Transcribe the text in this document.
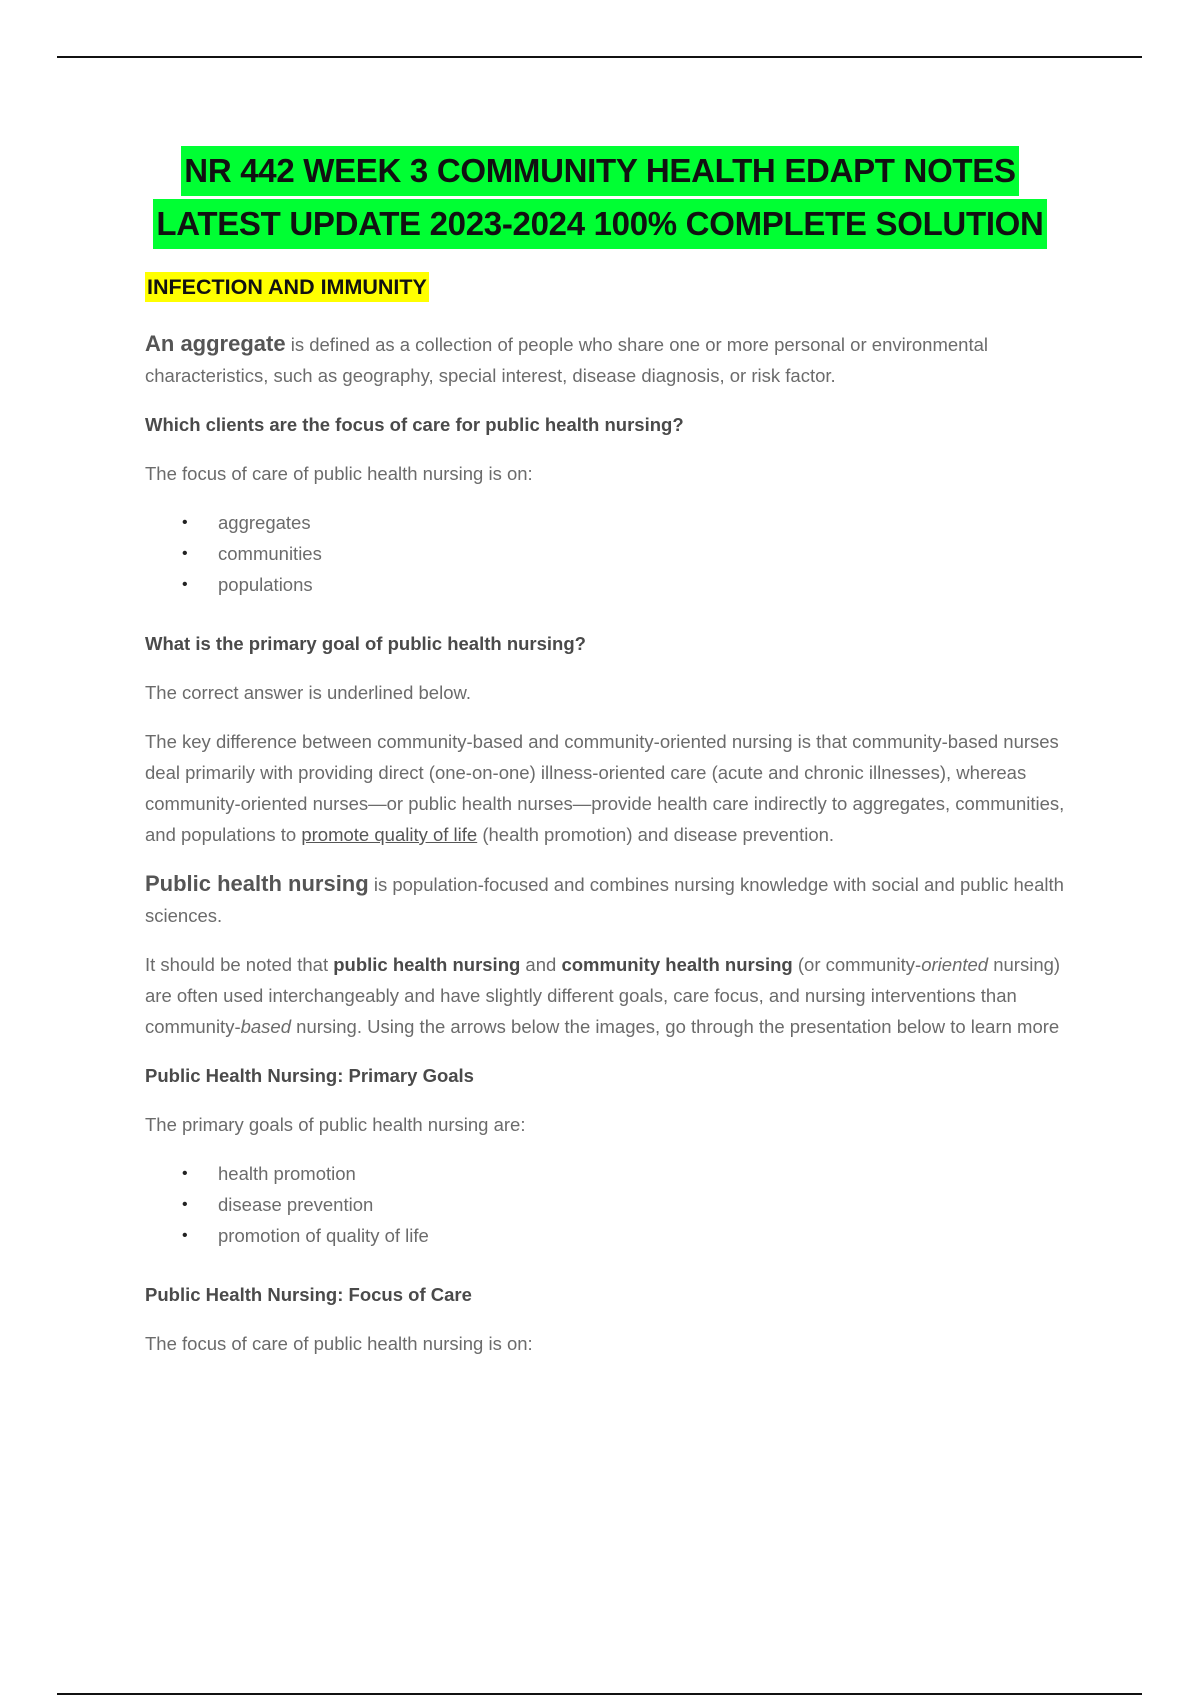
NR 442 WEEK 3 COMMUNITY HEALTH EDAPT NOTES
LATEST UPDATE 2023-2024 100% COMPLETE SOLUTION
INFECTION AND IMMUNITY

An aggregate is defined as a collection of people who share one or more personal or environmental characteristics, such as geography, special interest, disease diagnosis, or risk factor.

Which clients are the focus of care for public health nursing?

The focus of care of public health nursing is on:

• aggregates
• communities
• populations

What is the primary goal of public health nursing?

The correct answer is underlined below.

The key difference between community-based and community-oriented nursing is that community-based nurses deal primarily with providing direct (one-on-one) illness-oriented care (acute and chronic illnesses), whereas community-oriented nurses—or public health nurses—provide health care indirectly to aggregates, communities, and populations to promote quality of life (health promotion) and disease prevention.

Public health nursing is population-focused and combines nursing knowledge with social and public health sciences.

It should be noted that public health nursing and community health nursing (or community-oriented nursing) are often used interchangeably and have slightly different goals, care focus, and nursing interventions than community-based nursing. Using the arrows below the images, go through the presentation below to learn more

Public Health Nursing: Primary Goals

The primary goals of public health nursing are:

• health promotion
• disease prevention
• promotion of quality of life

Public Health Nursing: Focus of Care

The focus of care of public health nursing is on:
